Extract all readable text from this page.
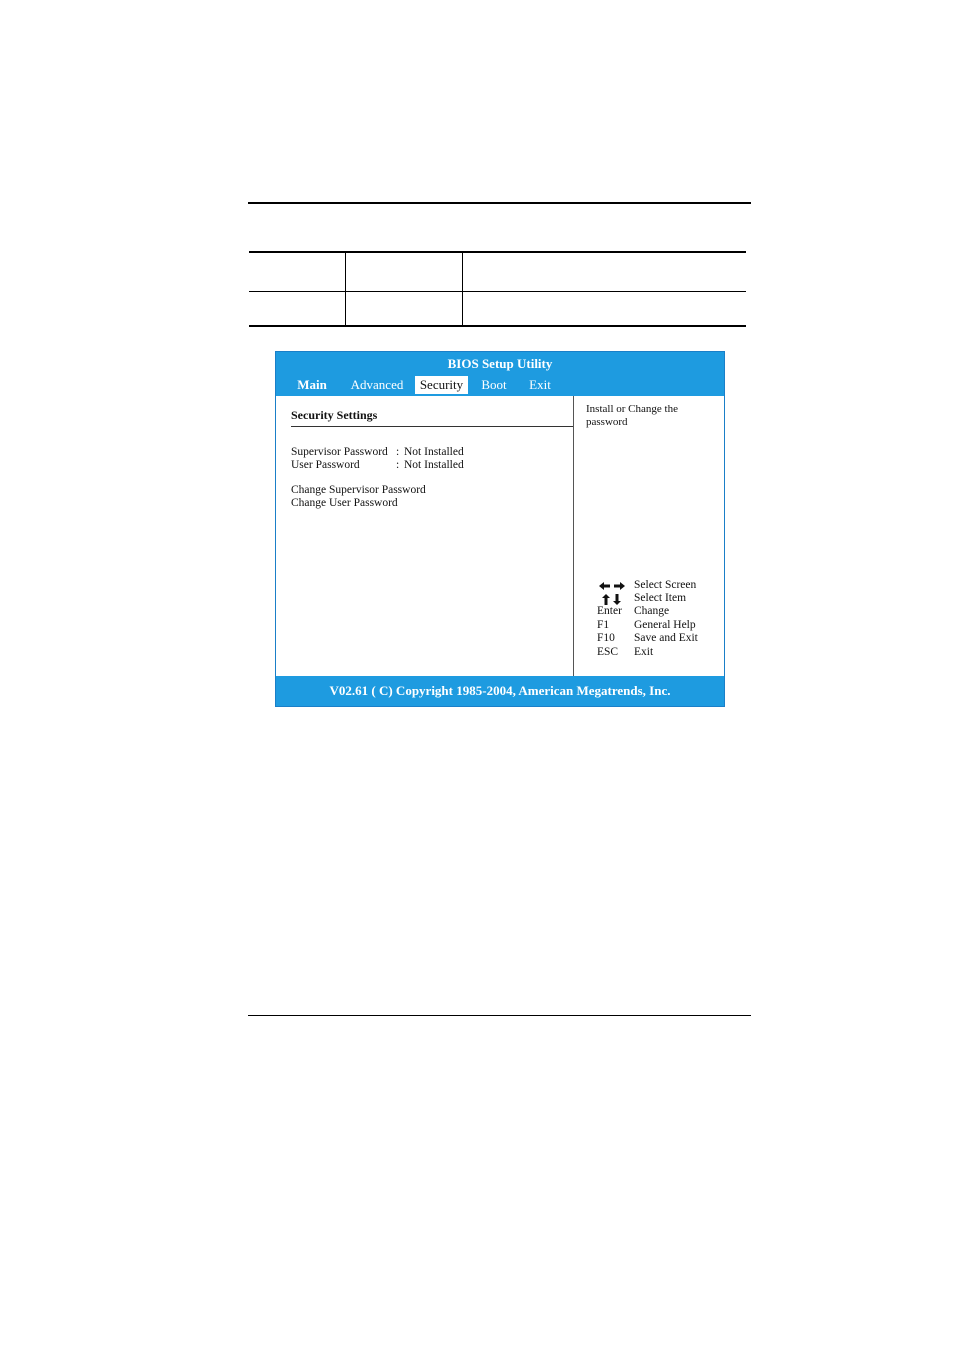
BIOS Setup Utility
Main	Advanced	Security	Boot	Exit
Security Settings
Supervisor Password : Not Installed
User Password	: Not Installed
Change Supervisor Password
Change User Password
Install or Change the password
Select Screen
Select Item
Enter	Change
F1	General Help
F10	Save and Exit
ESC	Exit
V02.61 ( C) Copyright 1985-2004, American Megatrends, Inc.
